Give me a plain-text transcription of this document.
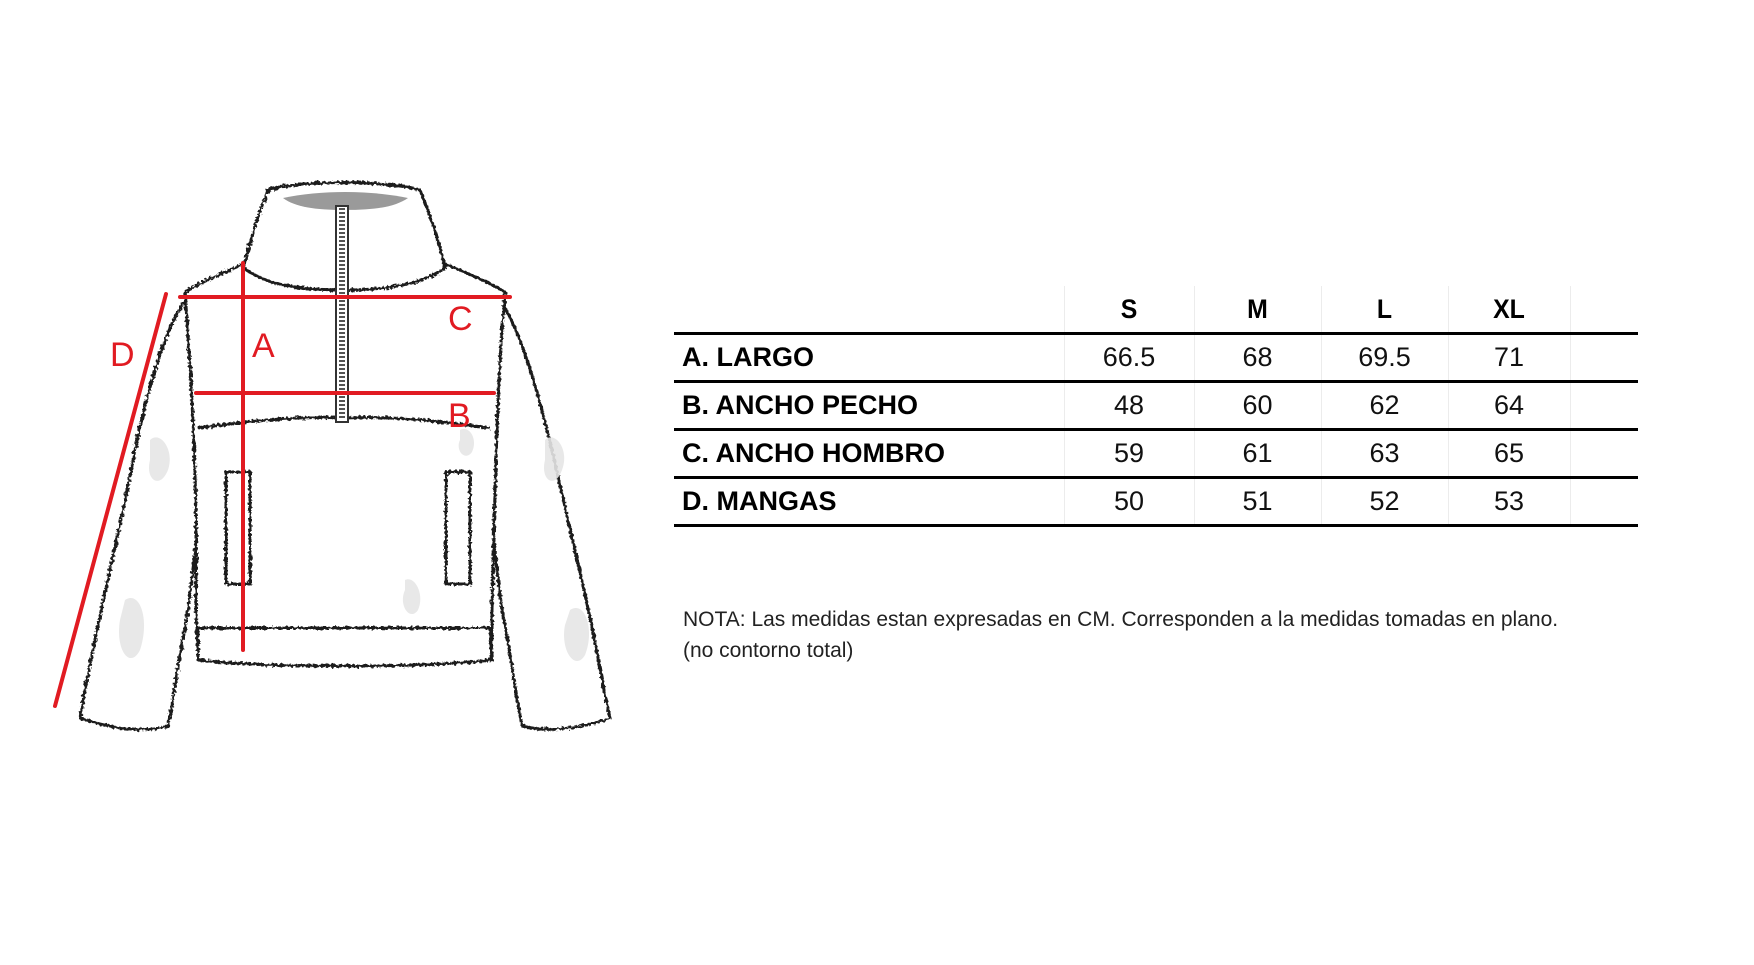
A
B
C
D
	S	M	L	XL	
A. LARGO	66.5	68	69.5	71	
B. ANCHO PECHO	48	60	62	64	
C. ANCHO HOMBRO	59	61	63	65	
D. MANGAS	50	51	52	53	
NOTA: Las medidas estan expresadas en CM. Corresponden a la medidas tomadas en plano.
(no contorno total)
